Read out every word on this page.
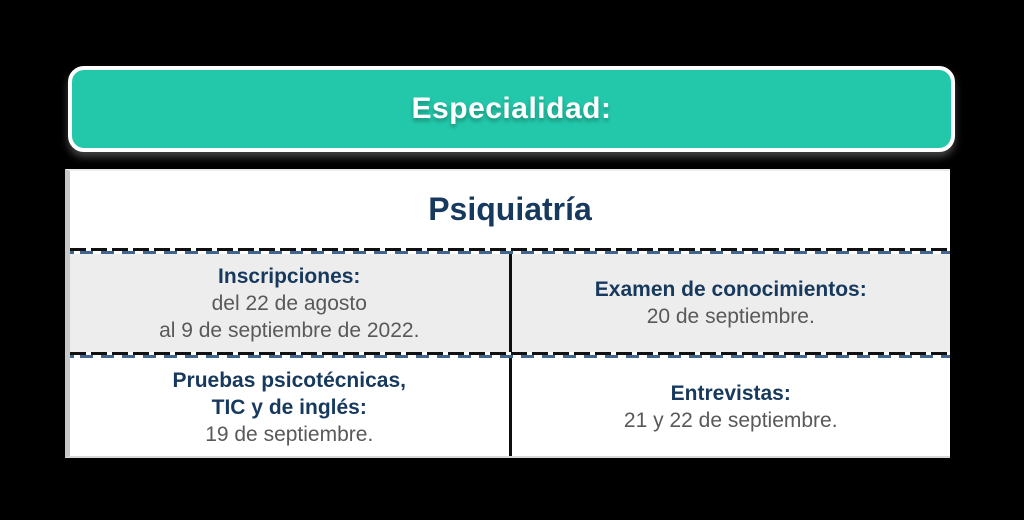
Especialidad:
Psiquiatría
Inscripciones:
del 22 de agosto
al 9 de septiembre de 2022.
Examen de conocimientos:
20 de septiembre.
Pruebas psicotécnicas,
TIC y de inglés:
19 de septiembre.
Entrevistas:
21 y 22 de septiembre.
